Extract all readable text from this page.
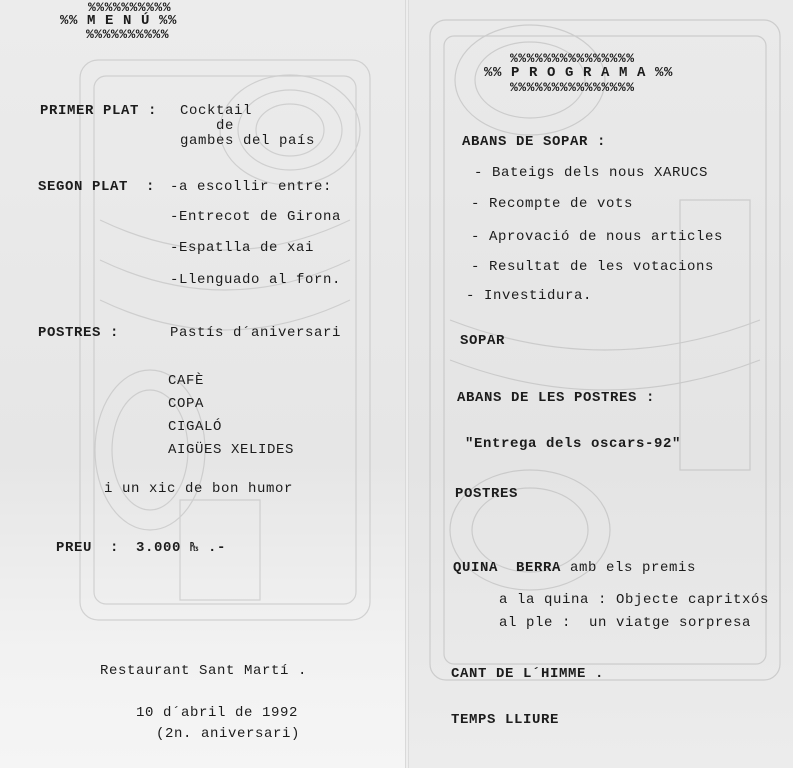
%%%%%%%%%%
%% M E N Ú %%
%%%%%%%%%%
PRIMER PLAT : Cocktail
de
gambes del país
SEGON PLAT  : -a escollir entre:
-Entrecot de Girona
-Espatlla de xai
-Llenguado al forn.
POSTRES :	Pastís d´aniversari
CAFÈ
COPA
CIGALÓ
AIGÜES XELIDES
i un xic de bon humor
PREU  : 3.000 ₧ .-
Restaurant Sant Martí .
10 d´abril de 1992
(2n. aniversari)
%%%%%%%%%%%%%%%
%% P R O G R A M A %%
%%%%%%%%%%%%%%%
ABANS DE SOPAR :
- Bateigs dels nous XARUCS
- Recompte de vots
- Aprovació de nous articles
- Resultat de les votacions
- Investidura.
SOPAR
ABANS DE LES POSTRES :
"Entrega dels oscars-92"
POSTRES
QUINA  BERRA amb els premis
a la quina : Objecte capritxós
al ple :  un viatge sorpresa
CANT DE L´HIMME .
TEMPS LLIURE
